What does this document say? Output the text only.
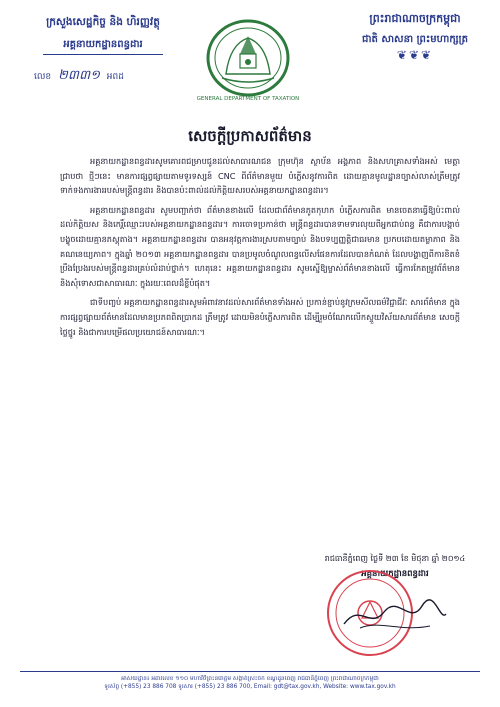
ក្រសួងសេដ្ឋកិច្ច និង ហិរញ្ញវត្ថុ
អគ្គនាយកដ្ឋានពន្ធដារ
លេខ ២៣៣១ អពដ
GENERAL DEPARTMENT OF TAXATION
ព្រះរាជាណាចក្រកម្ពុជា
ជាតិ សាសនា ព្រះមហាក្សត្រ
❦❦❦
សេចក្តីប្រកាសព័ត៌មាន

អគ្គនាយកដ្ឋានពន្ធដារសូមគោរពជម្រាបជូនដល់សាធារណជន ក្រុមហ៊ុន ស្ថាប័ន អង្គភាព និងសហគ្រាសទាំងអស់ មេត្តាជ្រាបថា ថ្មីៗនេះ មានការផ្សព្វផ្សាយតាមទូរទស្សន៍ CNC ពីព័ត៌មានមួយ បំភ្លើសនូវការពិត ដោយគ្មានមូលដ្ឋានច្បាស់លាស់ត្រឹមត្រូវ ទាក់ទងការងាររបស់មន្ត្រីពន្ធដារ និងបានប៉ះពាល់ដល់កិត្តិយសរបស់អគ្គនាយកដ្ឋានពន្ធដារ។

អគ្គនាយកដ្ឋានពន្ធដារ សូមបញ្ជាក់ថា ព័ត៌មានខាងលើ ដែលជាព័ត៌មានភូតកុហក បំភ្លើសការពិត មានចេតនាធ្វើឱ្យប៉ះពាល់ដល់កិត្តិយស និងកេរ្តិ៍ឈ្មោះរបស់អគ្គនាយកដ្ឋានពន្ធដារ។ ការចោទប្រកាន់ថា មន្ត្រីពន្ធដារបានទាមទារលុយពីអ្នកជាប់ពន្ធ គឺជាការបង្កាច់បង្ខូចដោយគ្មានភស្តុតាង។ អគ្គនាយកដ្ឋានពន្ធដារ បានអនុវត្តការងារស្របតាមច្បាប់ និងបទប្បញ្ញត្តិជាធរមាន ប្រកបដោយតម្លាភាព និងគណនេយ្យភាព។ ក្នុងឆ្នាំ ២០១៣ អគ្គនាយកដ្ឋានពន្ធដារ បានប្រមូលចំណូលពន្ធលើសផែនការដែលបានកំណត់ ដែលបង្ហាញពីការខិតខំប្រឹងប្រែងរបស់មន្ត្រីពន្ធដារគ្រប់លំដាប់ថ្នាក់។ ហេតុនេះ អគ្គនាយកដ្ឋានពន្ធដារ សូមស្នើឱ្យម្ចាស់ព័ត៌មានខាងលើ ធ្វើការកែតម្រូវព័ត៌មាន និងសុំទោសជាសាធារណៈ ក្នុងរយៈពេលដ៏ខ្លីបំផុត។

ជាទីបញ្ចប់ អគ្គនាយកដ្ឋានពន្ធដារសូមអំពាវនាវដល់សារព័ត៌មានទាំងអស់ ប្រកាន់ខ្ជាប់នូវក្រមសីលធម៌វិជ្ជាជីវៈ សារព័ត៌មាន ក្នុងការផ្សព្វផ្សាយព័ត៌មានដែលមានប្រភពពិតប្រាកដ ត្រឹមត្រូវ ដោយមិនបំភ្លើសការពិត ដើម្បីរួមចំណែកលើកស្ទួយវិស័យសារព័ត៌មាន សេចក្តីថ្លៃថ្នូរ និងជាការបម្រើផលប្រយោជន៍សាធារណៈ។

រាជធានីភ្នំពេញ ថ្ងៃទី ២៣ ខែ មិថុនា ឆ្នាំ ២០១៤
អគ្គនាយកដ្ឋានពន្ធដារ
អាសយដ្ឋាន៖ អគារលេខ ១១០ មហាវិថីព្រះនរោត្តម សង្កាត់ស្រះចក ខណ្ឌដូនពេញ រាជធានីភ្នំពេញ ព្រះរាជាណាចក្រកម្ពុជា
ទូរស័ព្ទ (+855) 23 886 708 ទូរសារ (+855) 23 886 700, Email: gdt@tax.gov.kh, Website: www.tax.gov.kh
